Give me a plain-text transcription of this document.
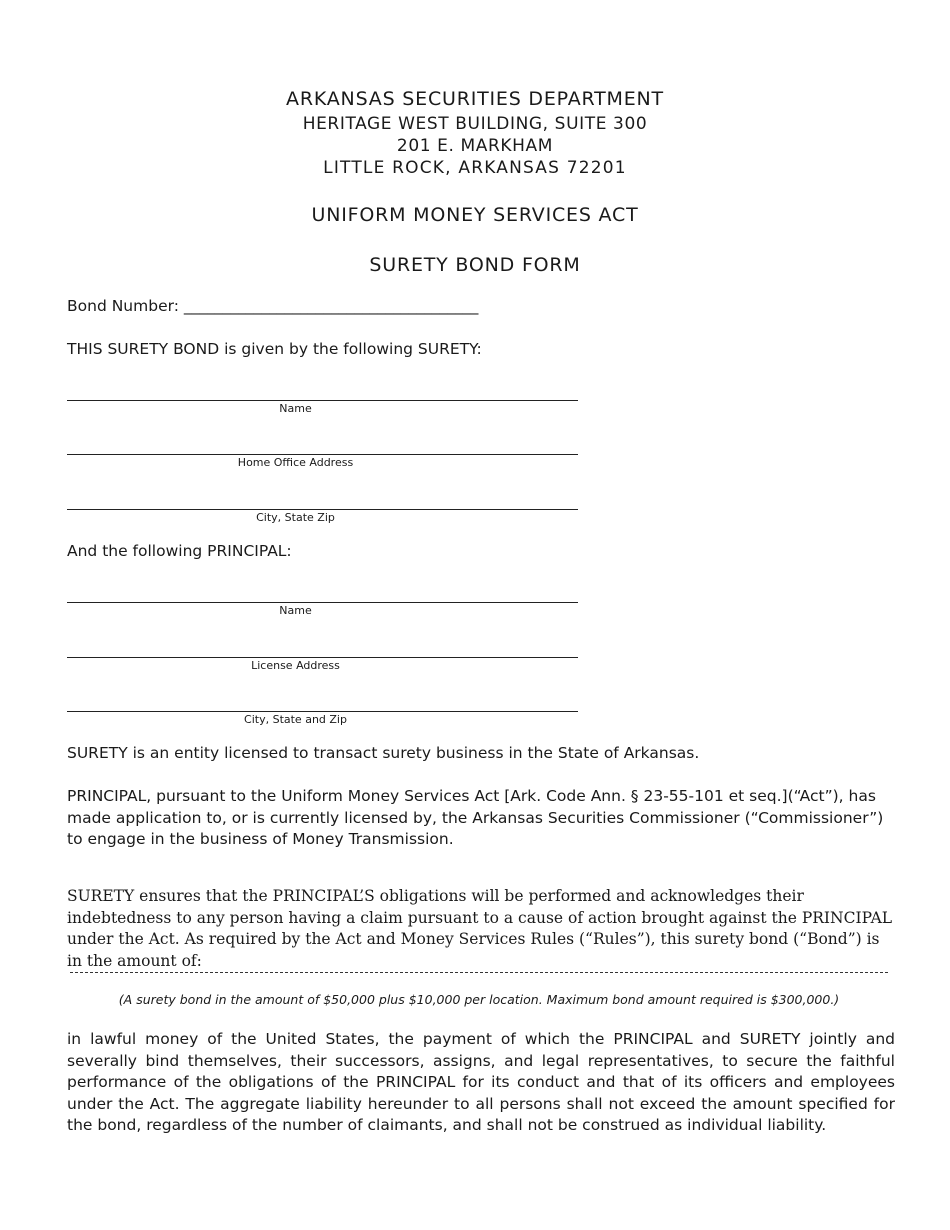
ARKANSAS SECURITIES DEPARTMENT
HERITAGE WEST BUILDING, SUITE 300
201 E. MARKHAM
LITTLE ROCK, ARKANSAS 72201
UNIFORM MONEY SERVICES ACT
SURETY BOND FORM
Bond Number: ______________________________________
THIS SURETY BOND is given by the following SURETY:
Name
Home Office Address
City, State Zip
And the following PRINCIPAL:
Name
License Address
City, State and Zip
SURETY is an entity licensed to transact surety business in the State of Arkansas.
PRINCIPAL, pursuant to the Uniform Money Services Act [Ark. Code Ann. § 23-55-101 et seq.](“Act”), has made application to, or is currently licensed by, the Arkansas Securities Commissioner (“Commissioner”) to engage in the business of Money Transmission.
SURETY ensures that the PRINCIPAL’S obligations will be performed and acknowledges their indebtedness to any person having a claim pursuant to a cause of action brought against the PRINCIPAL under the Act. As required by the Act and Money Services Rules (“Rules”), this surety bond (“Bond”) is in the amount of:
(A surety bond in the amount of $50,000 plus $10,000 per location. Maximum bond amount required is $300,000.)
in lawful money of the United States, the payment of which the PRINCIPAL and SURETY jointly and severally bind themselves, their successors, assigns, and legal representatives, to secure the faithful performance of the obligations of the PRINCIPAL for its conduct and that of its officers and employees under the Act. The aggregate liability hereunder to all persons shall not exceed the amount specified for the bond, regardless of the number of claimants, and shall not be construed as individual liability.
